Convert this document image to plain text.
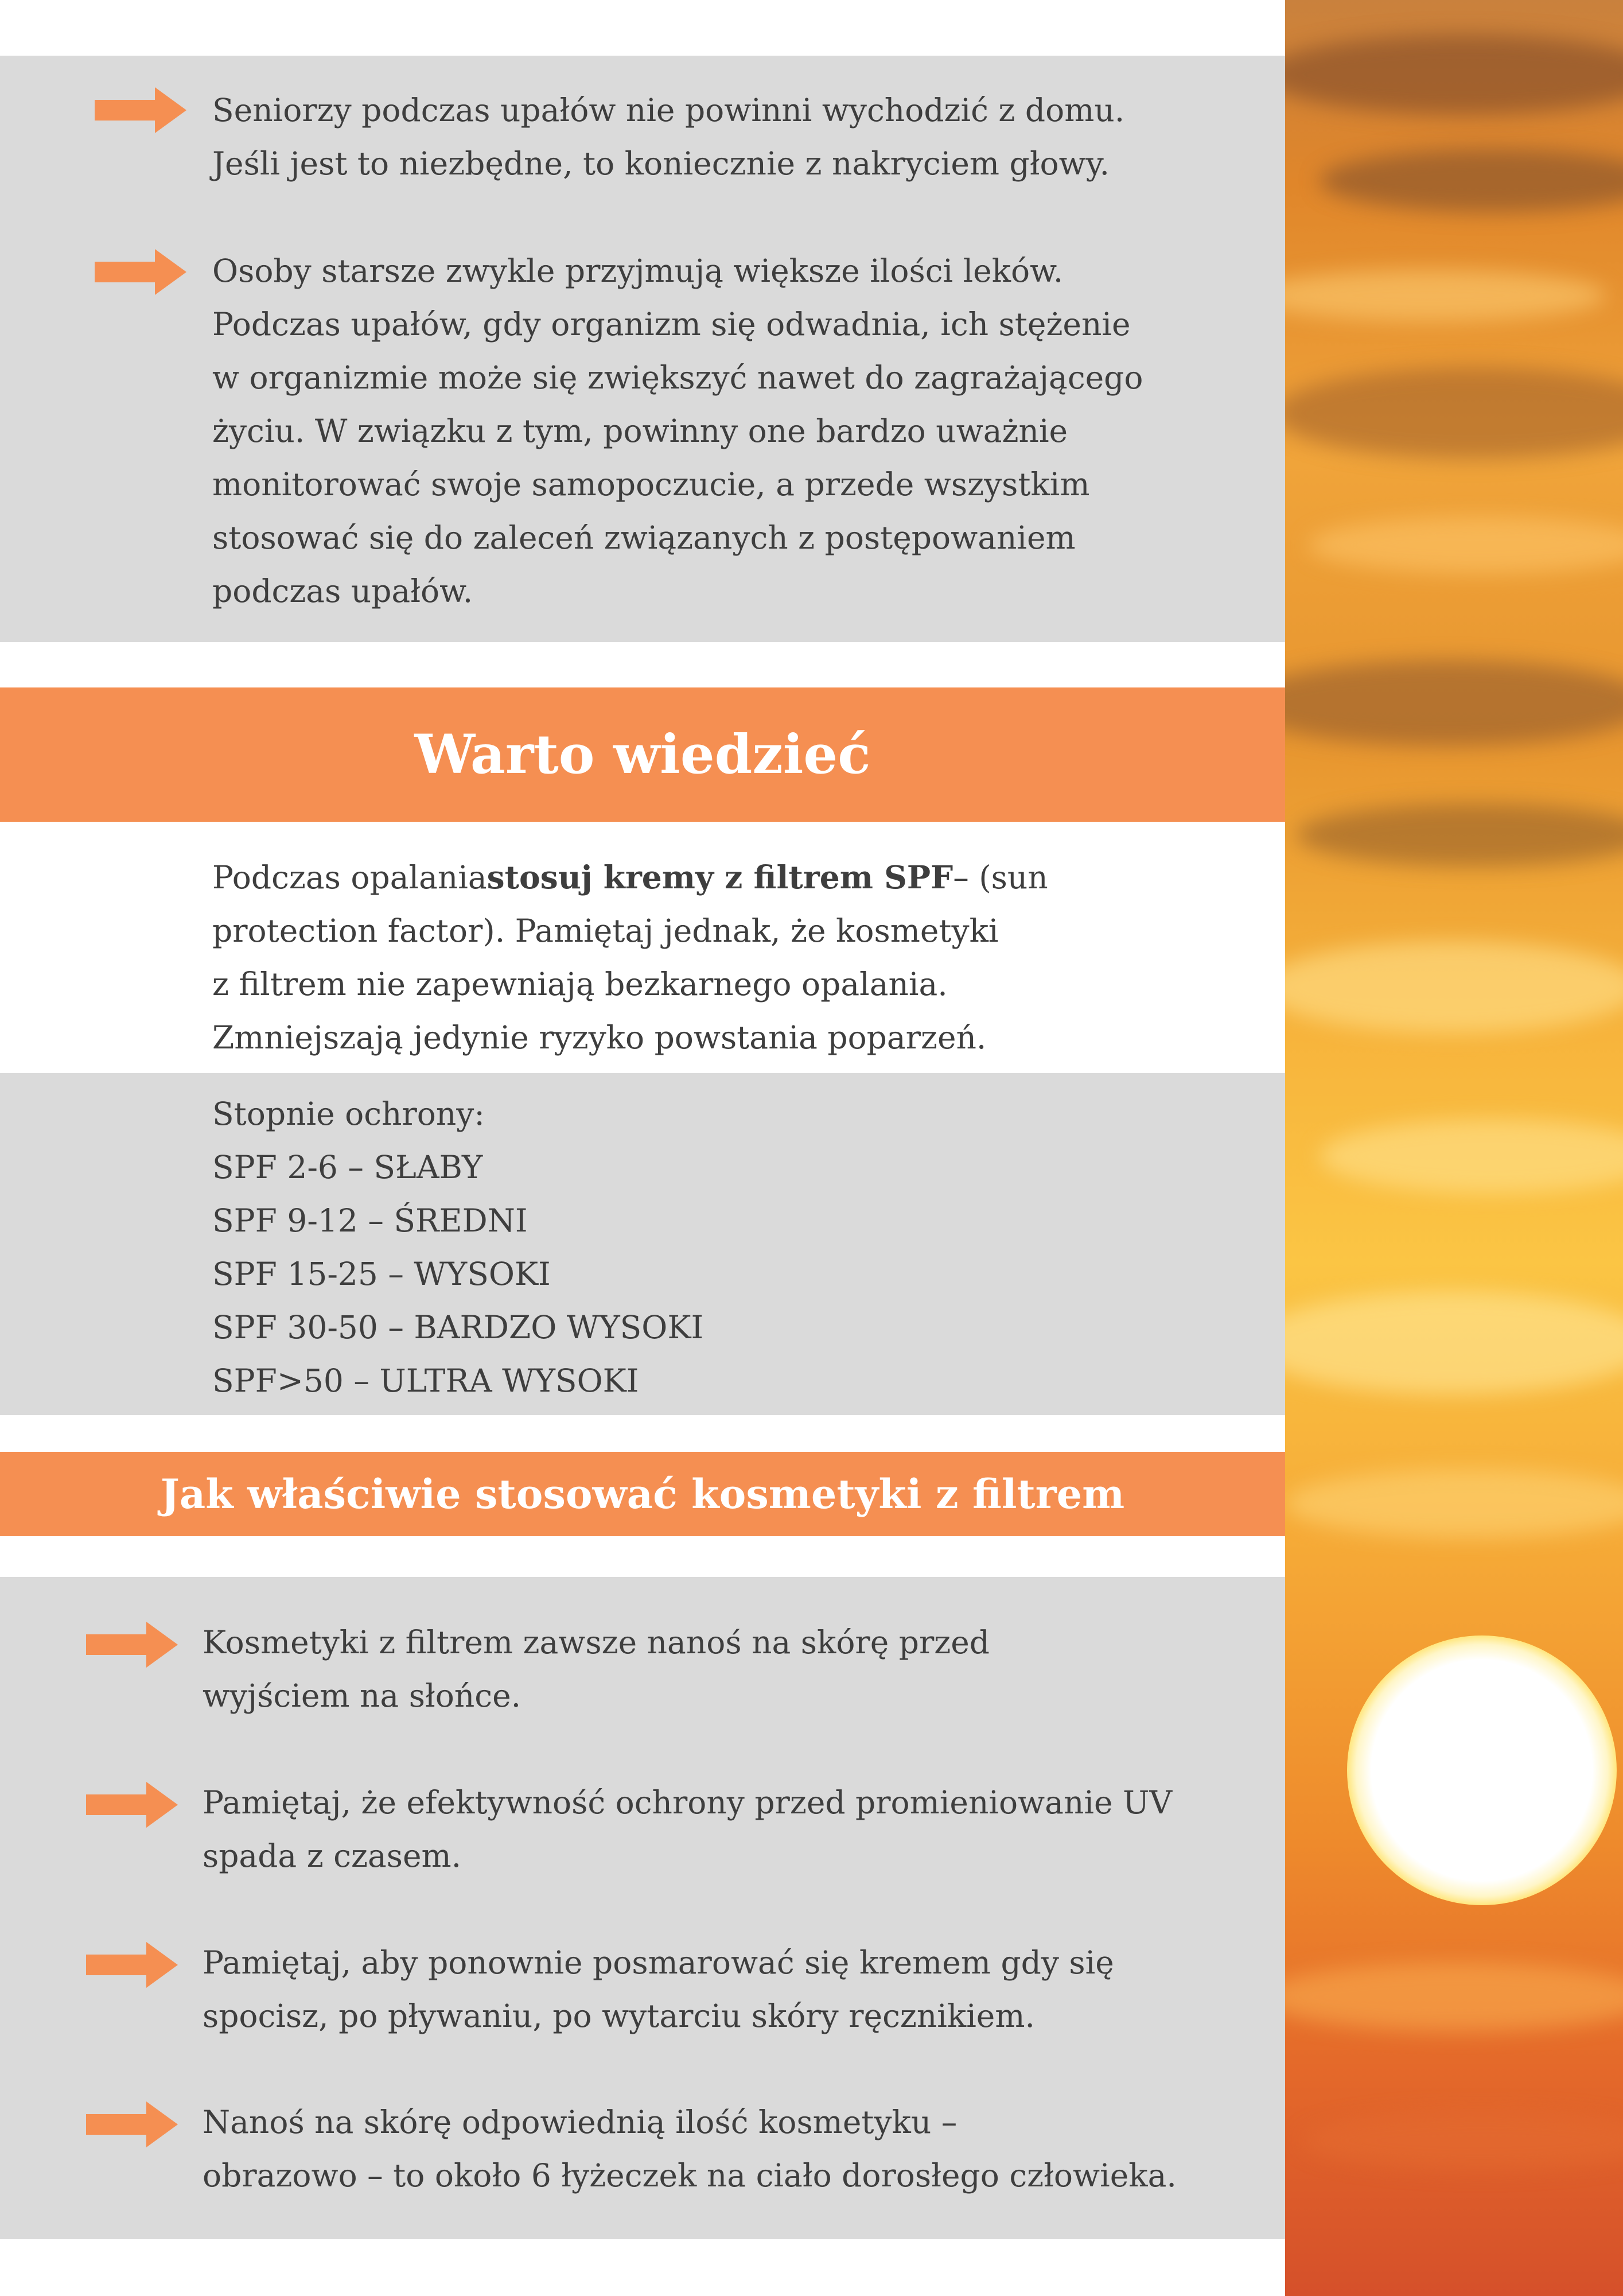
Seniorzy podczas upałów nie powinni wychodzić z domu.
Jeśli jest to niezbędne, to koniecznie z nakryciem głowy.

Osoby starsze zwykle przyjmują większe ilości leków.
Podczas upałów, gdy organizm się odwadnia, ich stężenie
w organizmie może się zwiększyć nawet do zagrażającego
życiu. W związku z tym, powinny one bardzo uważnie
monitorować swoje samopoczucie, a przede wszystkim
stosować się do zaleceń związanych z postępowaniem
podczas upałów.

Warto wiedzieć

Podczas opalaniastosuj kremy z filtrem SPF– (sun
protection factor). Pamiętaj jednak, że kosmetyki
z filtrem nie zapewniają bezkarnego opalania.
Zmniejszają jedynie ryzyko powstania poparzeń.

Stopnie ochrony:

SPF 2-6 – SŁABY
SPF 9-12 – ŚREDNI
SPF 15-25 – WYSOKI
SPF 30-50 – BARDZO WYSOKI
SPF>50 – ULTRA WYSOKI
Jak właściwie stosować kosmetyki z filtrem

Kosmetyki z filtrem zawsze nanoś na skórę przed
wyjściem na słońce.

Pamiętaj, że efektywność ochrony przed promieniowanie UV
spada z czasem.

Pamiętaj, aby ponownie posmarować się kremem gdy się
spocisz, po pływaniu, po wytarciu skóry ręcznikiem.

Nanoś na skórę odpowiednią ilość kosmetyku –
obrazowo – to około 6 łyżeczek na ciało dorosłego człowieka.
